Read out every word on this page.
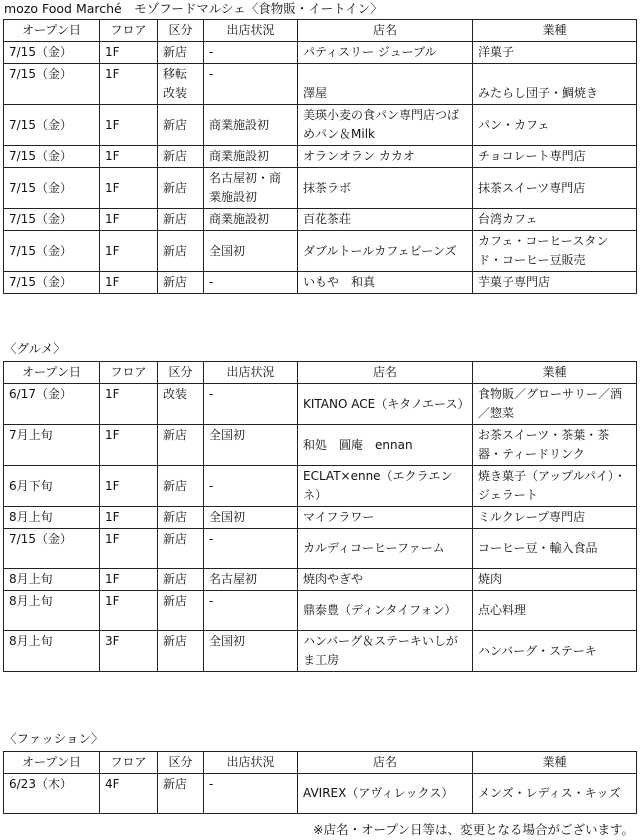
mozo Food Marché　モゾフードマルシェ〈食物販・イートイン〉
オープン日	フロア	区分	出店状況	店名	業種
7/15（金）	1F	新店	-	パティスリー ジューブル	洋菓子
7/15（金）	1F	移転改装	-	澤屋	みたらし団子・鯛焼き
7/15（金）	1F	新店	商業施設初	美瑛小麦の食パン専門店つばめパン＆Milk	パン・カフェ
7/15（金）	1F	新店	商業施設初	オランオラン カカオ	チョコレート専門店
7/15（金）	1F	新店	名古屋初・商業施設初	抹茶ラボ	抹茶スイーツ専門店
7/15（金）	1F	新店	商業施設初	百花茶荘	台湾カフェ
7/15（金）	1F	新店	全国初	ダブルトールカフェビーンズ	カフェ・コーヒースタンド・コーヒー豆販売
7/15（金）	1F	新店	-	いもや　和真	芋菓子専門店
〈グルメ〉
オープン日	フロア	区分	出店状況	店名	業種
6/17（金）	1F	改装	-	KITANO ACE（キタノエース）	食物販／グローサリー／酒／惣菜
7月上旬	1F	新店	全国初	和処　圓庵　ennan	お茶スイーツ・茶葉・茶器・ティードリンク
6月下旬	1F	新店	-	ECLAT×enne（エクラエンネ）	焼き菓子（アップルパイ）・ジェラート
8月上旬	1F	新店	全国初	マイフラワー	ミルクレープ専門店
7/15（金）	1F	新店	-	カルディコーヒーファーム	コーヒー豆・輸入食品
8月上旬	1F	新店	名古屋初	焼肉やぎや	焼肉
8月上旬	1F	新店	-	鼎泰豊（ディンタイフォン）	点心料理
8月上旬	3F	新店	全国初	ハンバーグ＆ステーキいしがま工房	ハンバーグ・ステーキ
〈ファッション〉
オープン日	フロア	区分	出店状況	店名	業種
6/23（木）	4F	新店	-	AVIREX（アヴィレックス）	メンズ・レディス・キッズ
※店名・オープン日等は、変更となる場合がございます。
